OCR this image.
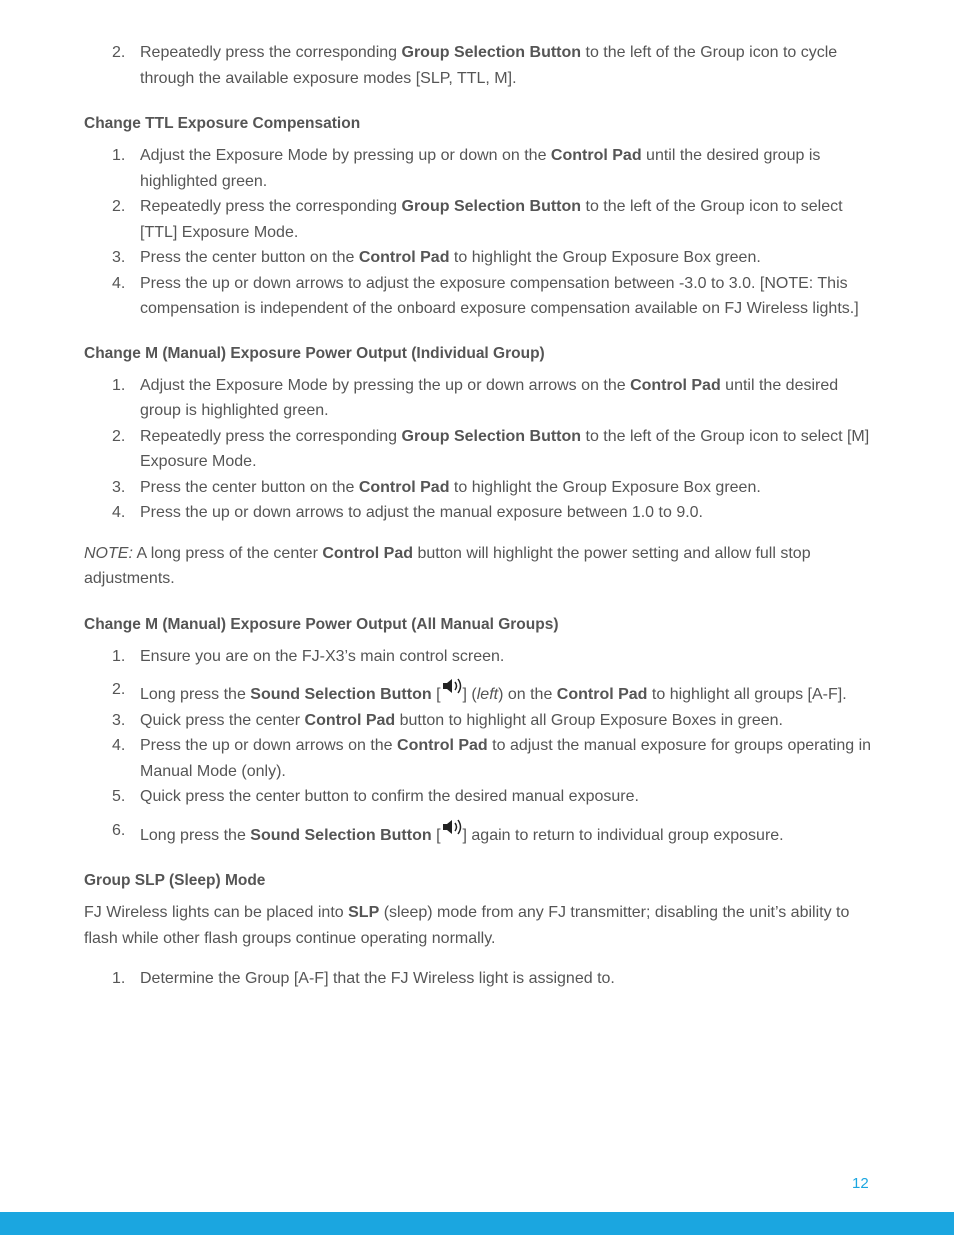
2. Repeatedly press the corresponding Group Selection Button to the left of the Group icon to cycle through the available exposure modes [SLP, TTL, M].
Change TTL Exposure Compensation
1. Adjust the Exposure Mode by pressing up or down on the Control Pad until the desired group is highlighted green.
2. Repeatedly press the corresponding Group Selection Button to the left of the Group icon to select [TTL] Exposure Mode.
3. Press the center button on the Control Pad to highlight the Group Exposure Box green.
4. Press the up or down arrows to adjust the exposure compensation between -3.0 to 3.0. [NOTE: This compensation is independent of the onboard exposure compensation available on FJ Wireless lights.]
Change M (Manual) Exposure Power Output (Individual Group)
1. Adjust the Exposure Mode by pressing the up or down arrows on the Control Pad until the desired group is highlighted green.
2. Repeatedly press the corresponding Group Selection Button to the left of the Group icon to select [M] Exposure Mode.
3. Press the center button on the Control Pad to highlight the Group Exposure Box green.
4. Press the up or down arrows to adjust the manual exposure between 1.0 to 9.0.

NOTE: A long press of the center Control Pad button will highlight the power setting and allow full stop adjustments.

Change M (Manual) Exposure Power Output (All Manual Groups)
1. Ensure you are on the FJ-X3’s main control screen.
2. Long press the Sound Selection Button [ ] (left) on the Control Pad to highlight all groups [A-F].
3. Quick press the center Control Pad button to highlight all Group Exposure Boxes in green.
4. Press the up or down arrows on the Control Pad to adjust the manual exposure for groups operating in Manual Mode (only).
5. Quick press the center button to confirm the desired manual exposure.
6. Long press the Sound Selection Button [ ] again to return to individual group exposure.
Group SLP (Sleep) Mode

FJ Wireless lights can be placed into SLP (sleep) mode from any FJ transmitter; disabling the unit’s ability to flash while other flash groups continue operating normally.

1. Determine the Group [A-F] that the FJ Wireless light is assigned to.
12
